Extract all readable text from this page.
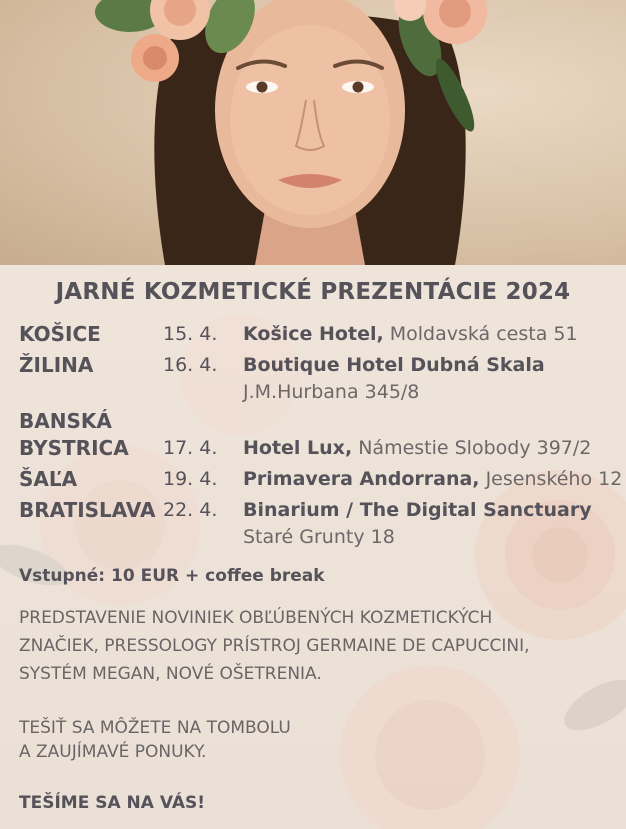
JARNÉ KOZMETICKÉ PREZENTÁCIE 2024
KOŠICE	15. 4. Košice Hotel, Moldavská cesta 51
ŽILINA	16. 4. Boutique Hotel Dubná Skala
J.M.Hurbana 345/8
BANSKÁ
BYSTRICA 17. 4. Hotel Lux, Námestie Slobody 397/2
ŠAĽA	19. 4. Primavera Andorrana, Jesenského 12
BRATISLAVA 22. 4. Binarium / The Digital Sanctuary
Staré Grunty 18
Vstupné: 10 EUR + coffee break
PREDSTAVENIE NOVINIEK OBĽÚBENÝCH KOZMETICKÝCH
ZNAČIEK, PRESSOLOGY PRÍSTROJ GERMAINE DE CAPUCCINI,
SYSTÉM MEGAN, NOVÉ OŠETRENIA.
TEŠIŤ SA MÔŽETE NA TOMBOLU
A ZAUJÍMAVÉ PONUKY.
TEŠÍME SA NA VÁS!
